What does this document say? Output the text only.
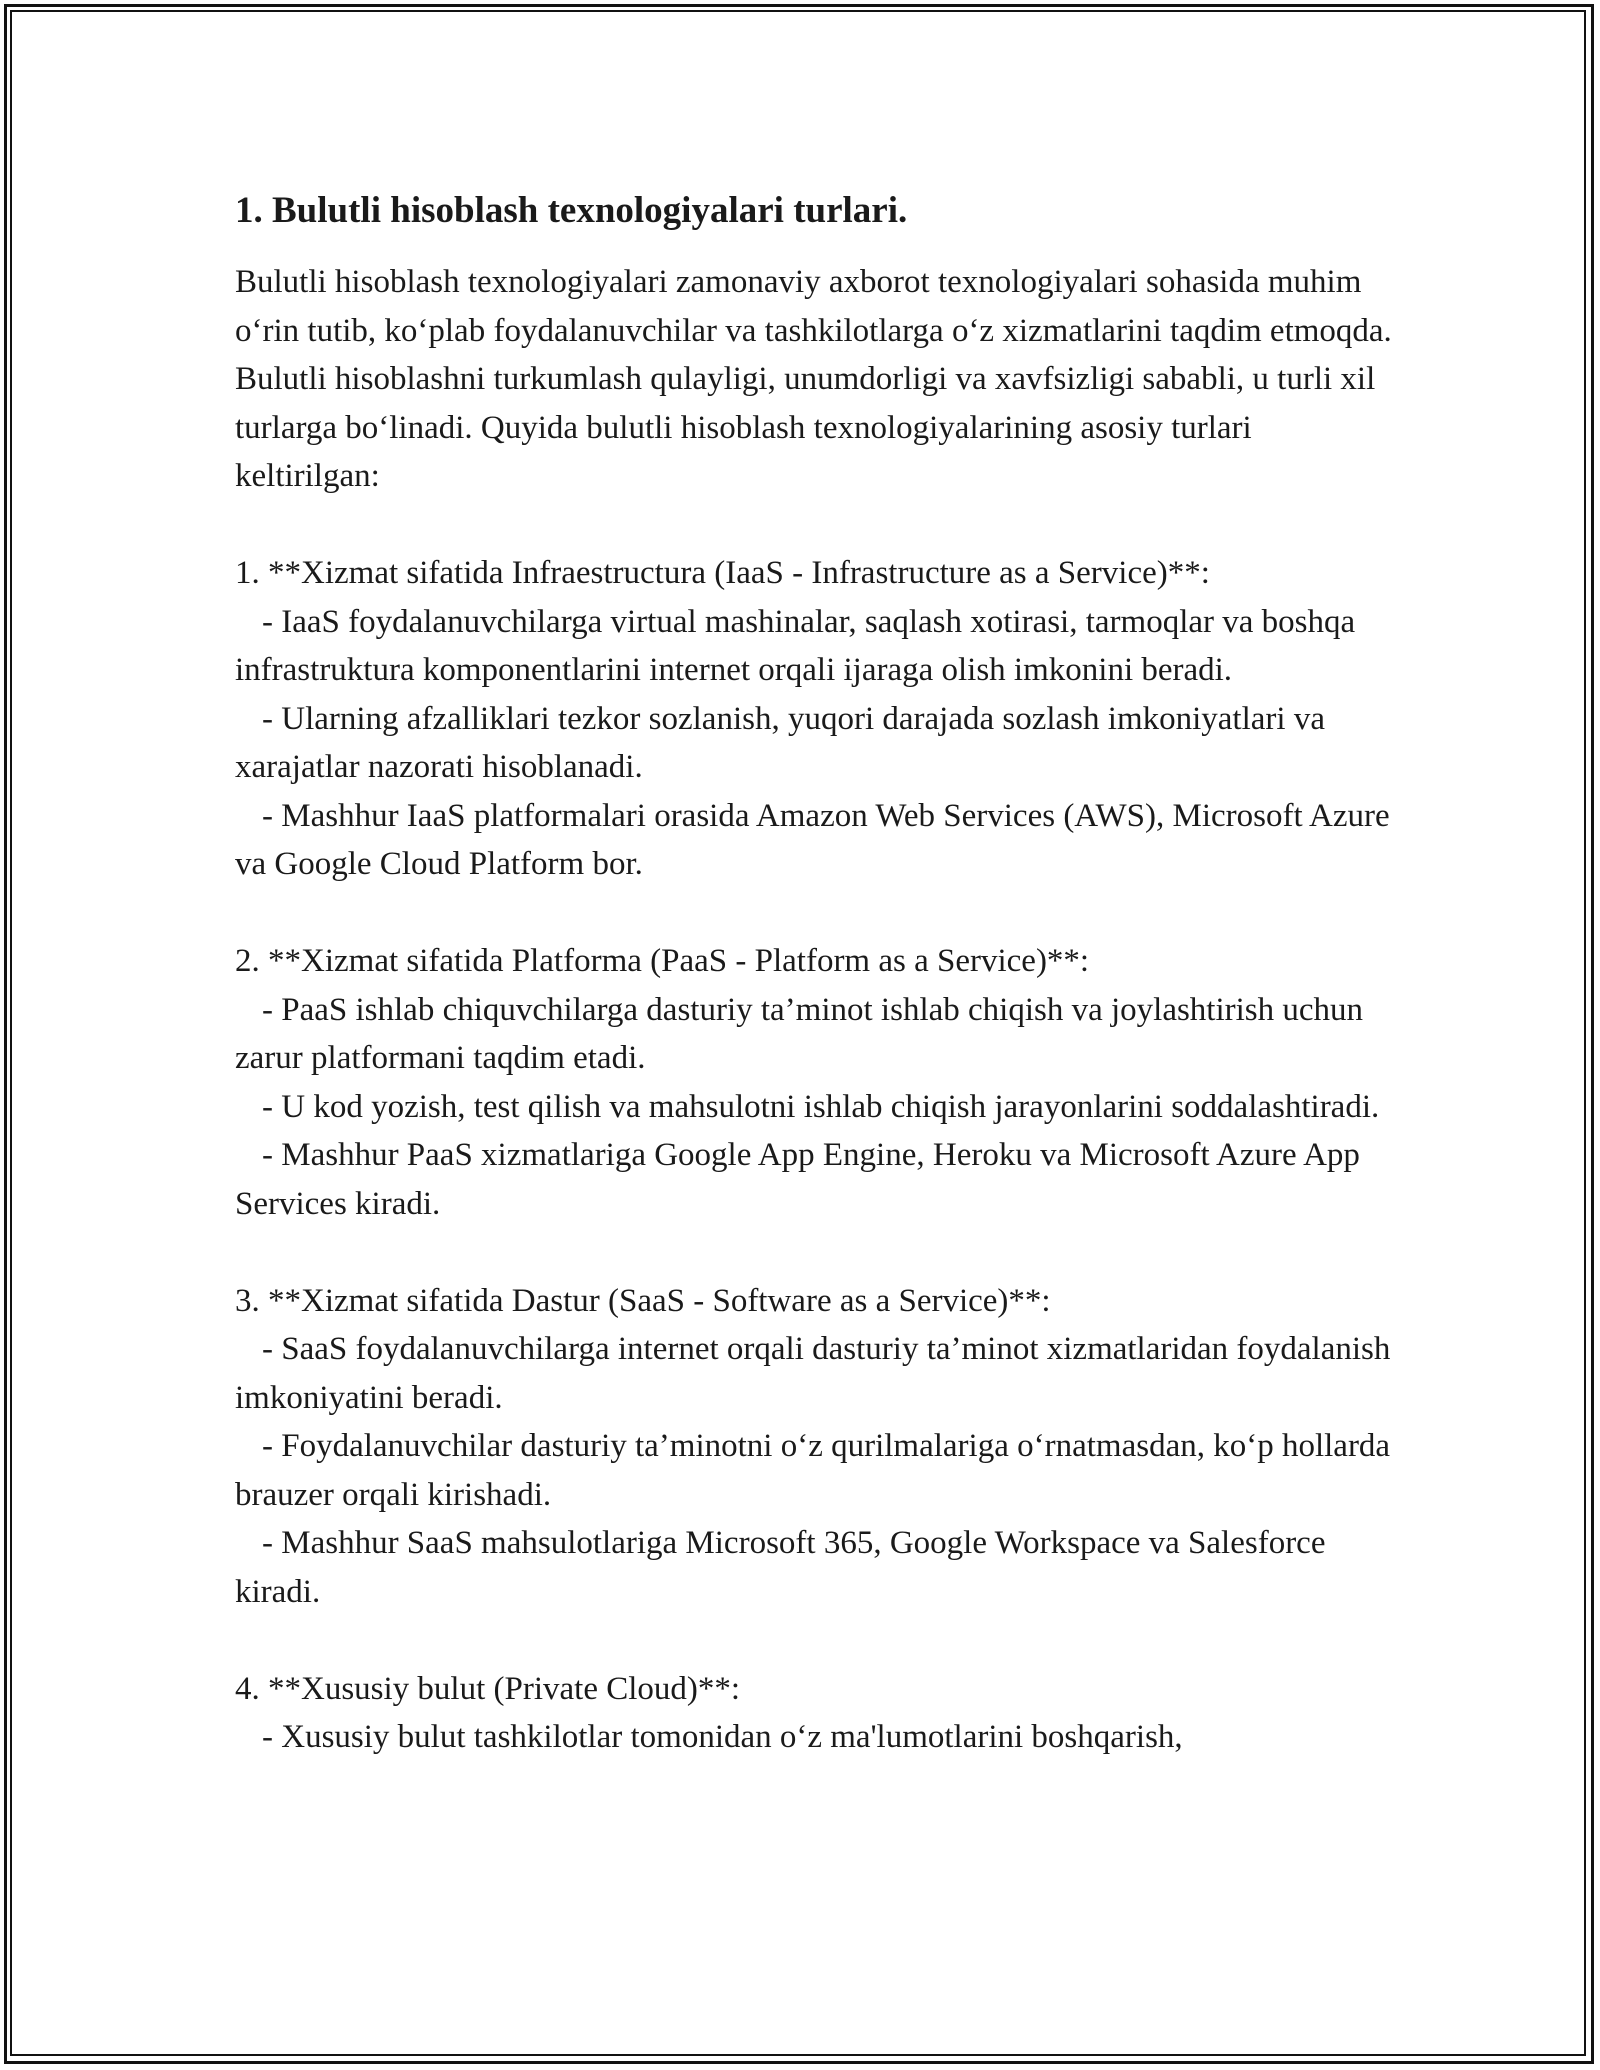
1. Bulutli hisoblash texnologiyalari turlari.

Bulutli hisoblash texnologiyalari zamonaviy axborot texnologiyalari sohasida muhim o‘rin tutib, ko‘plab foydalanuvchilar va tashkilotlarga o‘z xizmatlarini taqdim etmoqda. Bulutli hisoblashni turkumlash qulayligi, unumdorligi va xavfsizligi sababli, u turli xil turlarga bo‘linadi. Quyida bulutli hisoblash texnologiyalarining asosiy turlari keltirilgan:

1. **Xizmat sifatida Infraestructura (IaaS - Infrastructure as a Service)**:

- IaaS foydalanuvchilarga virtual mashinalar, saqlash xotirasi, tarmoqlar va boshqa infrastruktura komponentlarini internet orqali ijaraga olish imkonini beradi.

- Ularning afzalliklari tezkor sozlanish, yuqori darajada sozlash imkoniyatlari va xarajatlar nazorati hisoblanadi.

- Mashhur IaaS platformalari orasida Amazon Web Services (AWS), Microsoft Azure va Google Cloud Platform bor.

2. **Xizmat sifatida Platforma (PaaS - Platform as a Service)**:

- PaaS ishlab chiquvchilarga dasturiy ta’minot ishlab chiqish va joylashtirish uchun zarur platformani taqdim etadi.

- U kod yozish, test qilish va mahsulotni ishlab chiqish jarayonlarini soddalashtiradi.

- Mashhur PaaS xizmatlariga Google App Engine, Heroku va Microsoft Azure App Services kiradi.

3. **Xizmat sifatida Dastur (SaaS - Software as a Service)**:

- SaaS foydalanuvchilarga internet orqali dasturiy ta’minot xizmatlaridan foydalanish imkoniyatini beradi.

- Foydalanuvchilar dasturiy ta’minotni o‘z qurilmalariga o‘rnatmasdan, ko‘p hollarda brauzer orqali kirishadi.

- Mashhur SaaS mahsulotlariga Microsoft 365, Google Workspace va Salesforce kiradi.

4. **Xususiy bulut (Private Cloud)**:

- Xususiy bulut tashkilotlar tomonidan o‘z ma'lumotlarini boshqarish,
